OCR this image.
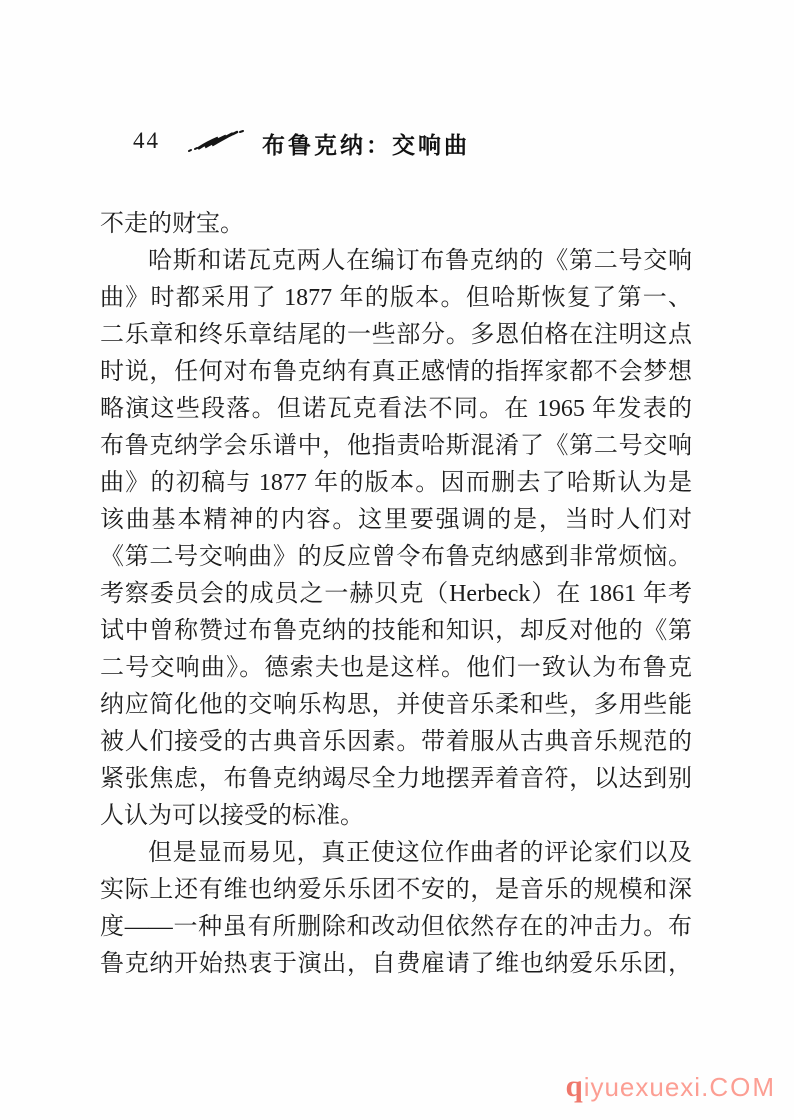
44	布鲁克纳：交响曲
不走的财宝。
哈斯和诺瓦克两人在编订布鲁克纳的《第二号交响
曲》时都采用了 1877 年的版本。但哈斯恢复了第一、
二乐章和终乐章结尾的一些部分。多恩伯格在注明这点
时说，任何对布鲁克纳有真正感情的指挥家都不会梦想
略演这些段落。但诺瓦克看法不同。在 1965 年发表的
布鲁克纳学会乐谱中，他指责哈斯混淆了《第二号交响
曲》的初稿与 1877 年的版本。因而删去了哈斯认为是
该曲基本精神的内容。这里要强调的是，当时人们对
《第二号交响曲》的反应曾令布鲁克纳感到非常烦恼。
考察委员会的成员之一赫贝克（Herbeck）在 1861 年考
试中曾称赞过布鲁克纳的技能和知识，却反对他的《第
二号交响曲》。德索夫也是这样。他们一致认为布鲁克
纳应简化他的交响乐构思，并使音乐柔和些，多用些能
被人们接受的古典音乐因素。带着服从古典音乐规范的
紧张焦虑，布鲁克纳竭尽全力地摆弄着音符，以达到别
人认为可以接受的标准。
但是显而易见，真正使这位作曲者的评论家们以及
实际上还有维也纳爱乐乐团不安的，是音乐的规模和深
度——一种虽有所删除和改动但依然存在的冲击力。布
鲁克纳开始热衷于演出，自费雇请了维也纳爱乐乐团，
qiyuexuexi.COM
